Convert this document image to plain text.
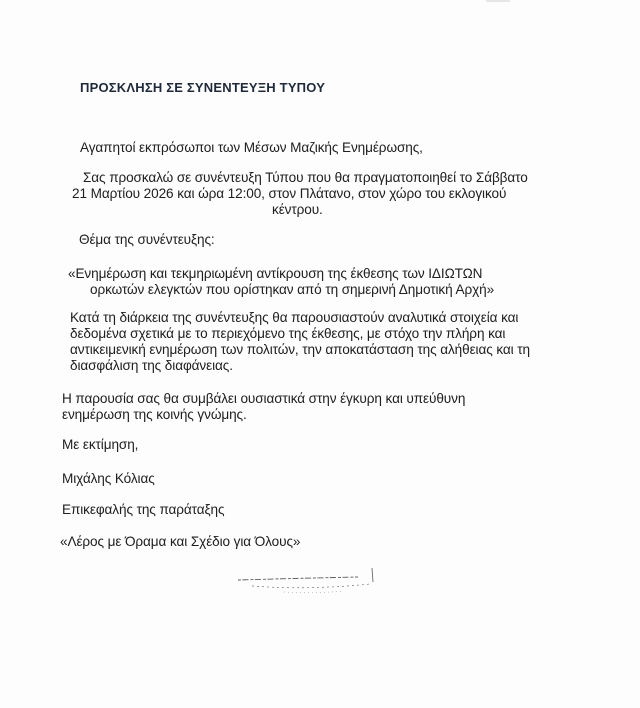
ΠΡΟΣΚΛΗΣΗ ΣΕ ΣΥΝΕΝΤΕΥΞΗ ΤΥΠΟΥ
Αγαπητοί εκπρόσωποι των Μέσων Μαζικής Ενημέρωσης,
Σας προσκαλώ σε συνέντευξη Τύπου που θα πραγματοποιηθεί το Σάββατο
21 Μαρτίου 2026 και ώρα 12:00, στον Πλάτανο, στον χώρο του εκλογικού
κέντρου.
Θέμα της συνέντευξης:
«Ενημέρωση και τεκμηριωμένη αντίκρουση της έκθεσης των ΙΔΙΩΤΩΝ
ορκωτών ελεγκτών που ορίστηκαν από τη σημερινή Δημοτική Αρχή»
Κατά τη διάρκεια της συνέντευξης θα παρουσιαστούν αναλυτικά στοιχεία και
δεδομένα σχετικά με το περιεχόμενο της έκθεσης, με στόχο την πλήρη και
αντικειμενική ενημέρωση των πολιτών, την αποκατάσταση της αλήθειας και τη
διασφάλιση της διαφάνειας.
Η παρουσία σας θα συμβάλει ουσιαστικά στην έγκυρη και υπεύθυνη
ενημέρωση της κοινής γνώμης.
Με εκτίμηση,
Μιχάλης Κόλιας
Επικεφαλής της παράταξης
«Λέρος με Όραμα και Σχέδιο για Όλους»
